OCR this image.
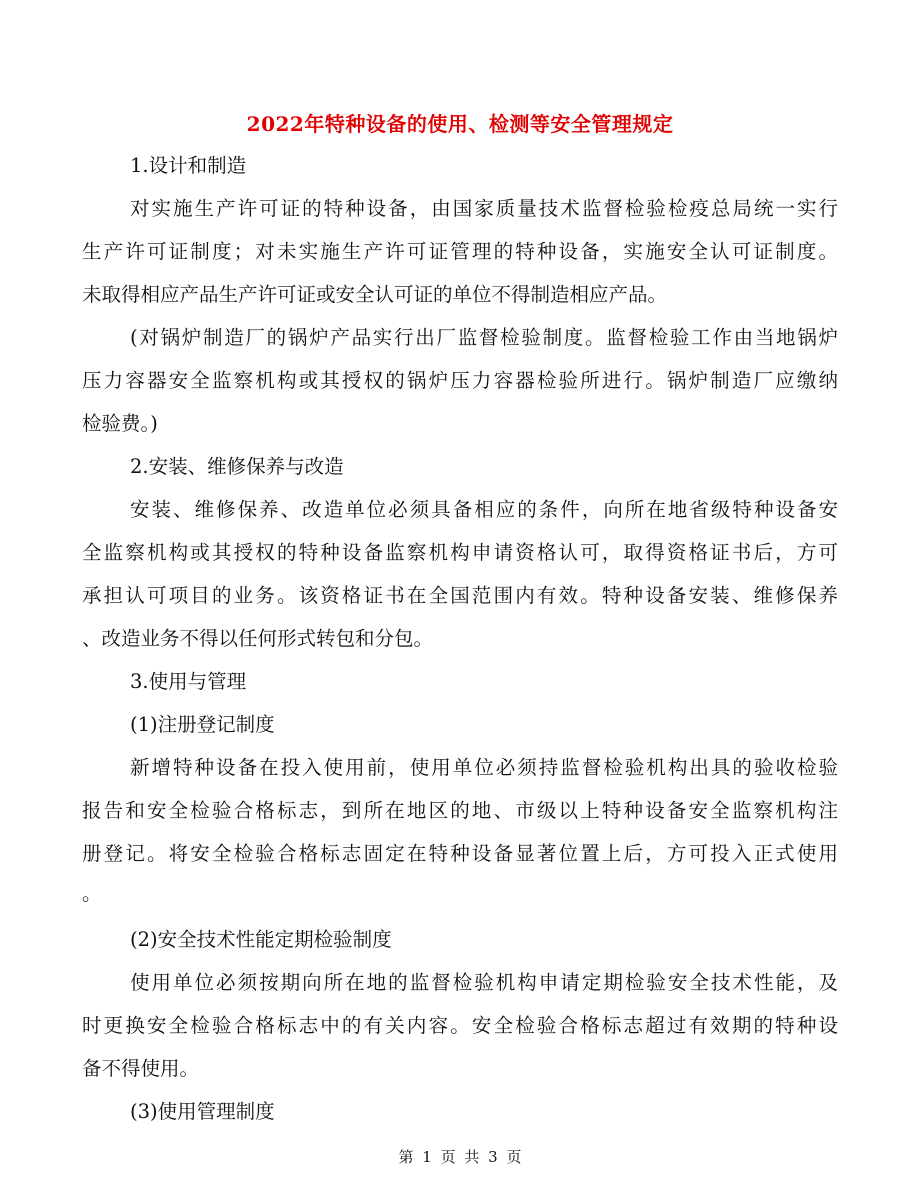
2022年特种设备的使用、检测等安全管理规定

1.设计和制造

对实施生产许可证的特种设备，由国家质量技术监督检验检疫总局统一实行

生产许可证制度；对未实施生产许可证管理的特种设备，实施安全认可证制度。

未取得相应产品生产许可证或安全认可证的单位不得制造相应产品。

(对锅炉制造厂的锅炉产品实行出厂监督检验制度。监督检验工作由当地锅炉

压力容器安全监察机构或其授权的锅炉压力容器检验所进行。锅炉制造厂应缴纳

检验费。)

2.安装、维修保养与改造

安装、维修保养、改造单位必须具备相应的条件，向所在地省级特种设备安

全监察机构或其授权的特种设备监察机构申请资格认可，取得资格证书后，方可

承担认可项目的业务。该资格证书在全国范围内有效。特种设备安装、维修保养

、改造业务不得以任何形式转包和分包。

3.使用与管理

(1)注册登记制度

新增特种设备在投入使用前，使用单位必须持监督检验机构出具的验收检验

报告和安全检验合格标志，到所在地区的地、市级以上特种设备安全监察机构注

册登记。将安全检验合格标志固定在特种设备显著位置上后，方可投入正式使用

。

(2)安全技术性能定期检验制度

使用单位必须按期向所在地的监督检验机构申请定期检验安全技术性能，及

时更换安全检验合格标志中的有关内容。安全检验合格标志超过有效期的特种设

备不得使用。

(3)使用管理制度

第 1 页 共 3 页
